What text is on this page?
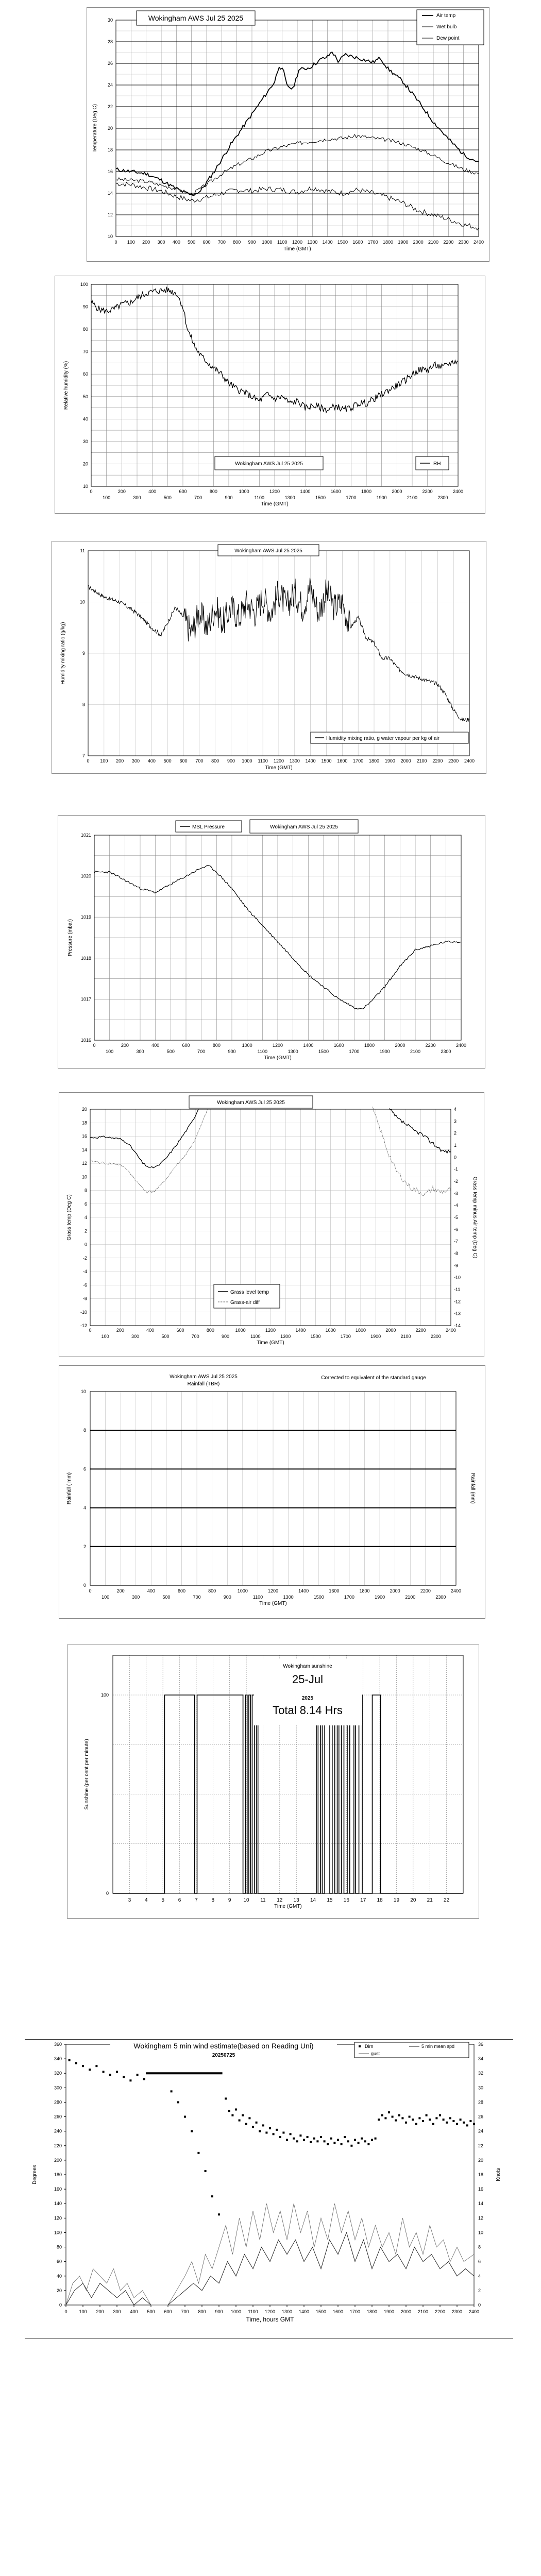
10
12
14
16
18
20
22
24
26
28
30
0 100 200 300 400 500 600 700 800 900 1000 1100 1200 1300 1400 1500 1600 1700 1800 1900 2000 2100 2200 2300 2400
Time (GMT)
Temperature (Deg C)
Wokingham AWS Jul 25 2025	Air temp
Wet bulb
Dew point
10
20
30
40
50
60
70
80
90
100
0	200	400	600	800	1000	1200	1400	1600	1800	2000	2200	2400
100	300	500	700	900	1100	1300	1500	1700	1900	2100	2300
Time (GMT)
Relative humidity (%)
Wokingham AWS Jul 25 2025	RH
7
8
9
10
11
0 100 200 300 400 500 600 700 800 900 1000 1100 1200 1300 1400 1500 1600 1700 1800 1900 2000 2100 2200 2300 2400
Time (GMT)
Humidity mixing ratio (g/kg)
Wokingham AWS Jul 25 2025
Humidity mixing ratio, g water vapour per kg of air
1016
1017
1018
1019
1020
1021
0	200	400	600	800	1000	1200	1400	1600	1800	2000	2200	2400
100	300	500	700	900	1100	1300	1500	1700	1900	2100	2300
Time (GMT)
Pressure (mbar)
MSL Pressure	Wokingham AWS Jul 25 2025
-12
-10
-8
-6
-4
-2
0
2
4
6
8
10
12
14
16
18
20
-14
-13
-12
-11
-10
-9
-8
-7
-6
-5
-4
-3
-2
-1
0
1
2
3
4
0	200	400	600	800	1000	1200	1400	1600	1800	2000	2200	2400
100	300	500	700	900	1100	1300	1500	1700	1900	2100	2300
Time (GMT)
Grass temp (Deg C)	Grass temp minus Air temp (Deg C)
Wokingham AWS Jul 25 2025
Grass level temp
Grass-air diff
0
2
4
6
8
10
0	200	400	600	800	1000	1200	1400	1600	1800	2000	2200	2400
100	300	500	700	900	1100	1300	1500	1700	1900	2100	2300
Time (GMT)
Rainfall ( mm)	Rainfall (mm)
Wokingham AWS Jul 25 2025
Rainfall (TBR)
Corrected to equivalent of the standard gauge
0
100
3	4	5	6	7	8	9 10 11 12 13 14 15 16 17 18 19 20 21 22
Time (GMT)
Sunshine (per cent per minute)
Wokingham sunshine
25-Jul
2025
Total 8.14 Hrs
0
20
40
60
80
100
120
140
160
180
200
220
240
260
280
300
320
340
360
0
2
4
6
8
10
12
14
16
18
20
22
24
26
28
30
32
34
36
0	100 200 300 400 500 600 700 800 900 1000 1100 1200 1300 1400 1500 1600 1700 1800 1900 2000 2100 2200 2300 2400
Time, hours GMT
Degrees	Knots
Wokingham 5 min wind estimate(based on Reading Uni)
20250725
Dirn	5 min mean spd
gust
